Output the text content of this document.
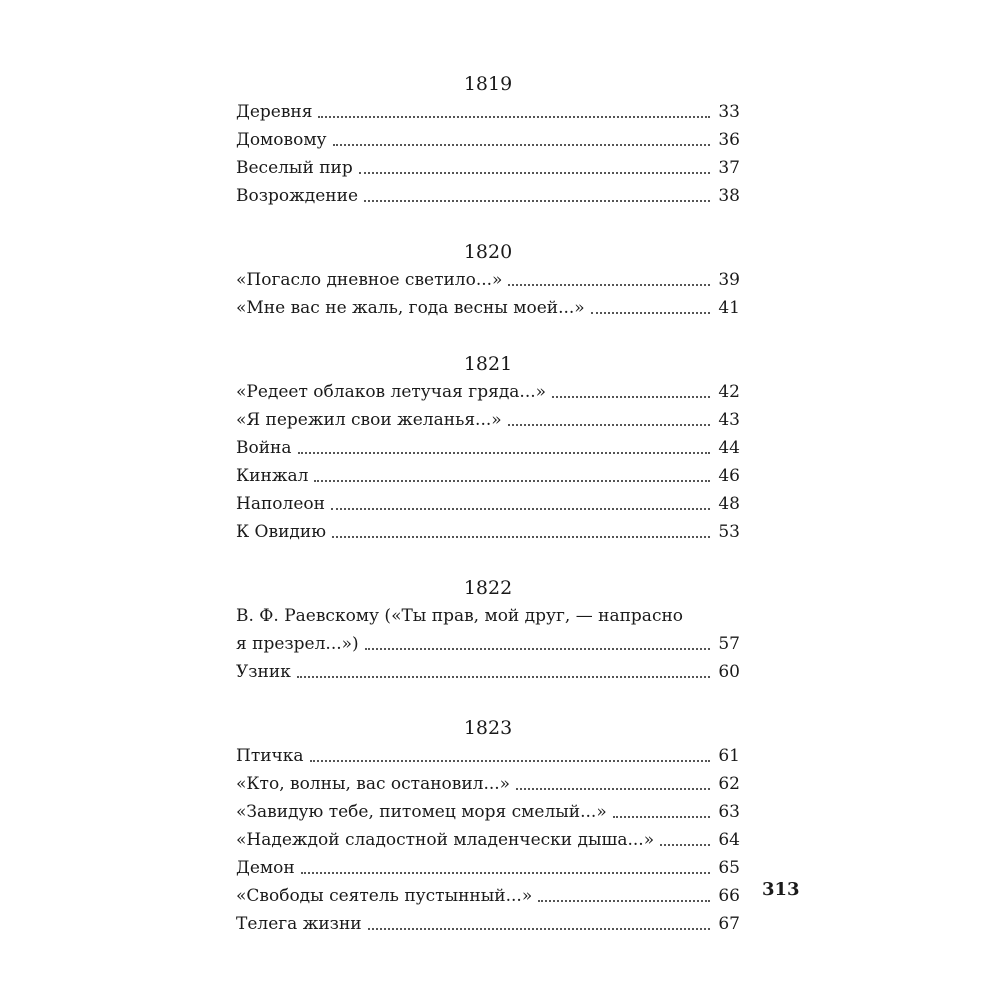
1819
Деревня	33
Домовому	36
Веселый пир	37
Возрождение	38
1820
«Погасло дневное светило...»	39
«Мне вас не жаль, года весны моей...»	41
1821
«Редеет облаков летучая гряда...»	42
«Я пережил свои желанья...»	43
Война	44
Кинжал	46
Наполеон	48
К Овидию	53
1822
В. Ф. Раевскому («Ты прав, мой друг, — напрасно
я презрел...»)	57
Узник	60
1823
Птичка	61
«Кто, волны, вас остановил...»	62
«Завидую тебе, питомец моря смелый...»	63
«Надеждой сладостной младенчески дыша...»	64
Демон	65
«Свободы сеятель пустынный...»	66
Телега жизни	67
313
